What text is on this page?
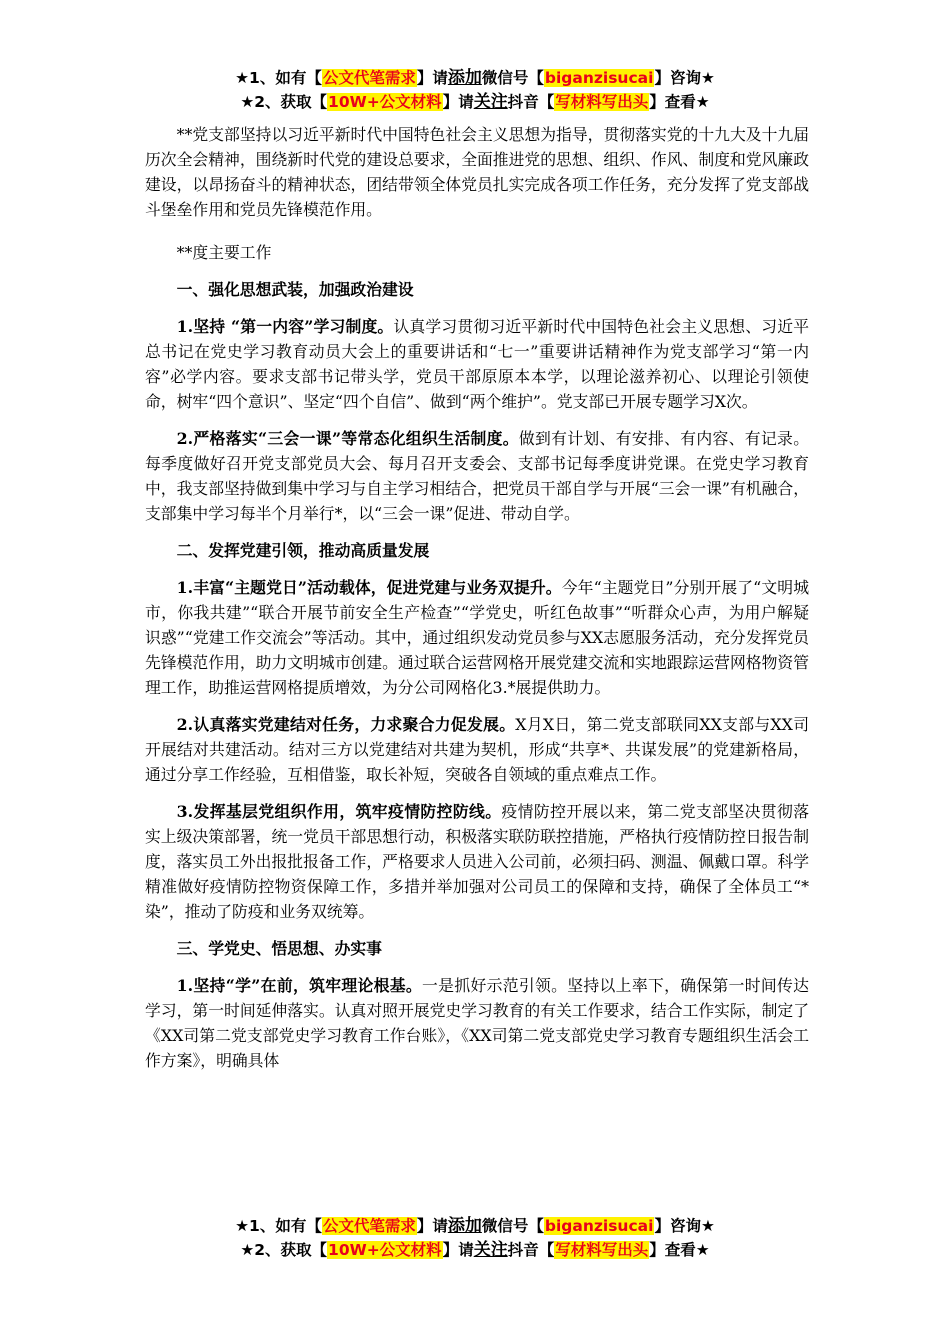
★1、如有【公文代笔需求】请添加微信号【biganzisucai】咨询★
★2、获取【10W+公文材料】请关注抖音【写材料写出头】查看★

**党支部坚持以习近平新时代中国特色社会主义思想为指导，贯彻落实党的十九大及十九届历次全会精神，围绕新时代党的建设总要求，全面推进党的思想、组织、作风、制度和党风廉政建设，以昂扬奋斗的精神状态，团结带领全体党员扎实完成各项工作任务，充分发挥了党支部战斗堡垒作用和党员先锋模范作用。

**度主要工作

一、强化思想武装，加强政治建设

1.坚持 “第一内容”学习制度。认真学习贯彻习近平新时代中国特色社会主义思想、习近平总书记在党史学习教育动员大会上的重要讲话和“七一”重要讲话精神作为党支部学习“第一内容”必学内容。要求支部书记带头学，党员干部原原本本学，以理论滋养初心、以理论引领使命，树牢“四个意识”、坚定“四个自信”、做到“两个维护”。党支部已开展专题学习X次。

2.严格落实“三会一课”等常态化组织生活制度。做到有计划、有安排、有内容、有记录。每季度做好召开党支部党员大会、每月召开支委会、支部书记每季度讲党课。在党史学习教育中，我支部坚持做到集中学习与自主学习相结合，把党员干部自学与开展“三会一课”有机融合，支部集中学习每半个月举行*，以“三会一课”促进、带动自学。

二、发挥党建引领，推动高质量发展

1.丰富“主题党日”活动载体，促进党建与业务双提升。今年“主题党日”分别开展了“文明城市，你我共建”“联合开展节前安全生产检查”“学党史，听红色故事”“听群众心声，为用户解疑识惑”“党建工作交流会”等活动。其中，通过组织发动党员参与XX志愿服务活动，充分发挥党员先锋模范作用，助力文明城市创建。通过联合运营网格开展党建交流和实地跟踪运营网格物资管理工作，助推运营网格提质增效，为分公司网格化3.*展提供助力。

2.认真落实党建结对任务，力求聚合力促发展。X月X日，第二党支部联同XX支部与XX司开展结对共建活动。结对三方以党建结对共建为契机，形成“共享*、共谋发展”的党建新格局，通过分享工作经验，互相借鉴，取长补短，突破各自领域的重点难点工作。

3.发挥基层党组织作用，筑牢疫情防控防线。疫情防控开展以来，第二党支部坚决贯彻落实上级决策部署，统一党员干部思想行动，积极落实联防联控措施，严格执行疫情防控日报告制度，落实员工外出报批报备工作，严格要求人员进入公司前，必须扫码、测温、佩戴口罩。科学精准做好疫情防控物资保障工作，多措并举加强对公司员工的保障和支持，确保了全体员工“*染”，推动了防疫和业务双统筹。

三、学党史、悟思想、办实事

1.坚持“学”在前，筑牢理论根基。一是抓好示范引领。坚持以上率下，确保第一时间传达学习，第一时间延伸落实。认真对照开展党史学习教育的有关工作要求，结合工作实际，制定了《XX司第二党支部党史学习教育工作台账》，《XX司第二党支部党史学习教育专题组织生活会工作方案》，明确具体

★1、如有【公文代笔需求】请添加微信号【biganzisucai】咨询★
★2、获取【10W+公文材料】请关注抖音【写材料写出头】查看★
